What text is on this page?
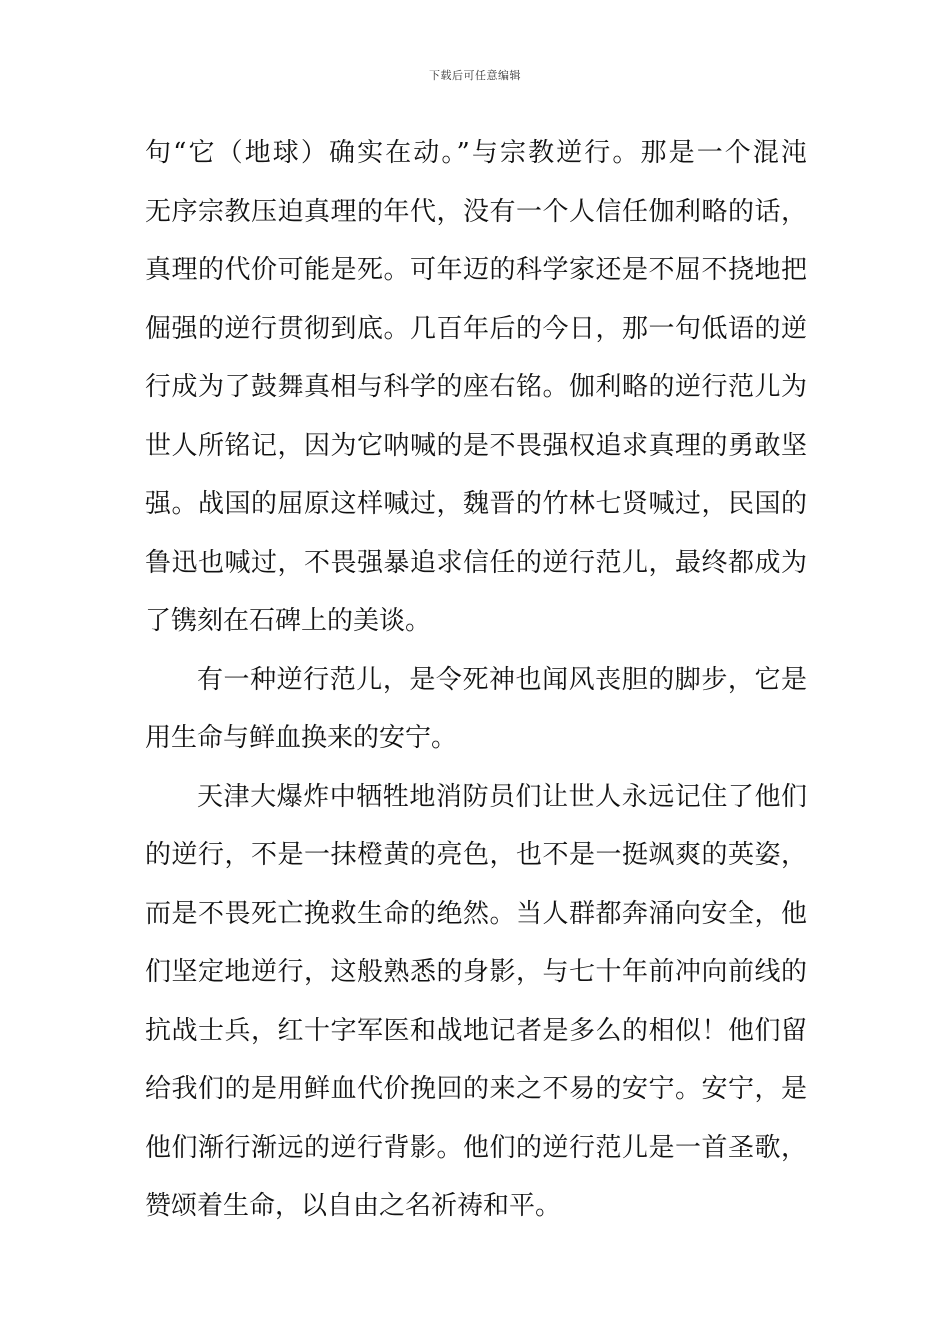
下载后可任意编辑
句“它（地球）确实在动。”与宗教逆行。那是一个混沌
无序宗教压迫真理的年代，没有一个人信任伽利略的话，
真理的代价可能是死。可年迈的科学家还是不屈不挠地把
倔强的逆行贯彻到底。几百年后的今日，那一句低语的逆
行成为了鼓舞真相与科学的座右铭。伽利略的逆行范儿为
世人所铭记，因为它呐喊的是不畏强权追求真理的勇敢坚
强。战国的屈原这样喊过，魏晋的竹林七贤喊过，民国的
鲁迅也喊过，不畏强暴追求信任的逆行范儿，最终都成为
了镌刻在石碑上的美谈。
有一种逆行范儿，是令死神也闻风丧胆的脚步，它是
用生命与鲜血换来的安宁。
天津大爆炸中牺牲地消防员们让世人永远记住了他们
的逆行，不是一抹橙黄的亮色，也不是一挺飒爽的英姿，
而是不畏死亡挽救生命的绝然。当人群都奔涌向安全，他
们坚定地逆行，这般熟悉的身影，与七十年前冲向前线的
抗战士兵，红十字军医和战地记者是多么的相似！他们留
给我们的是用鲜血代价挽回的来之不易的安宁。安宁，是
他们渐行渐远的逆行背影。他们的逆行范儿是一首圣歌，
赞颂着生命，以自由之名祈祷和平。
